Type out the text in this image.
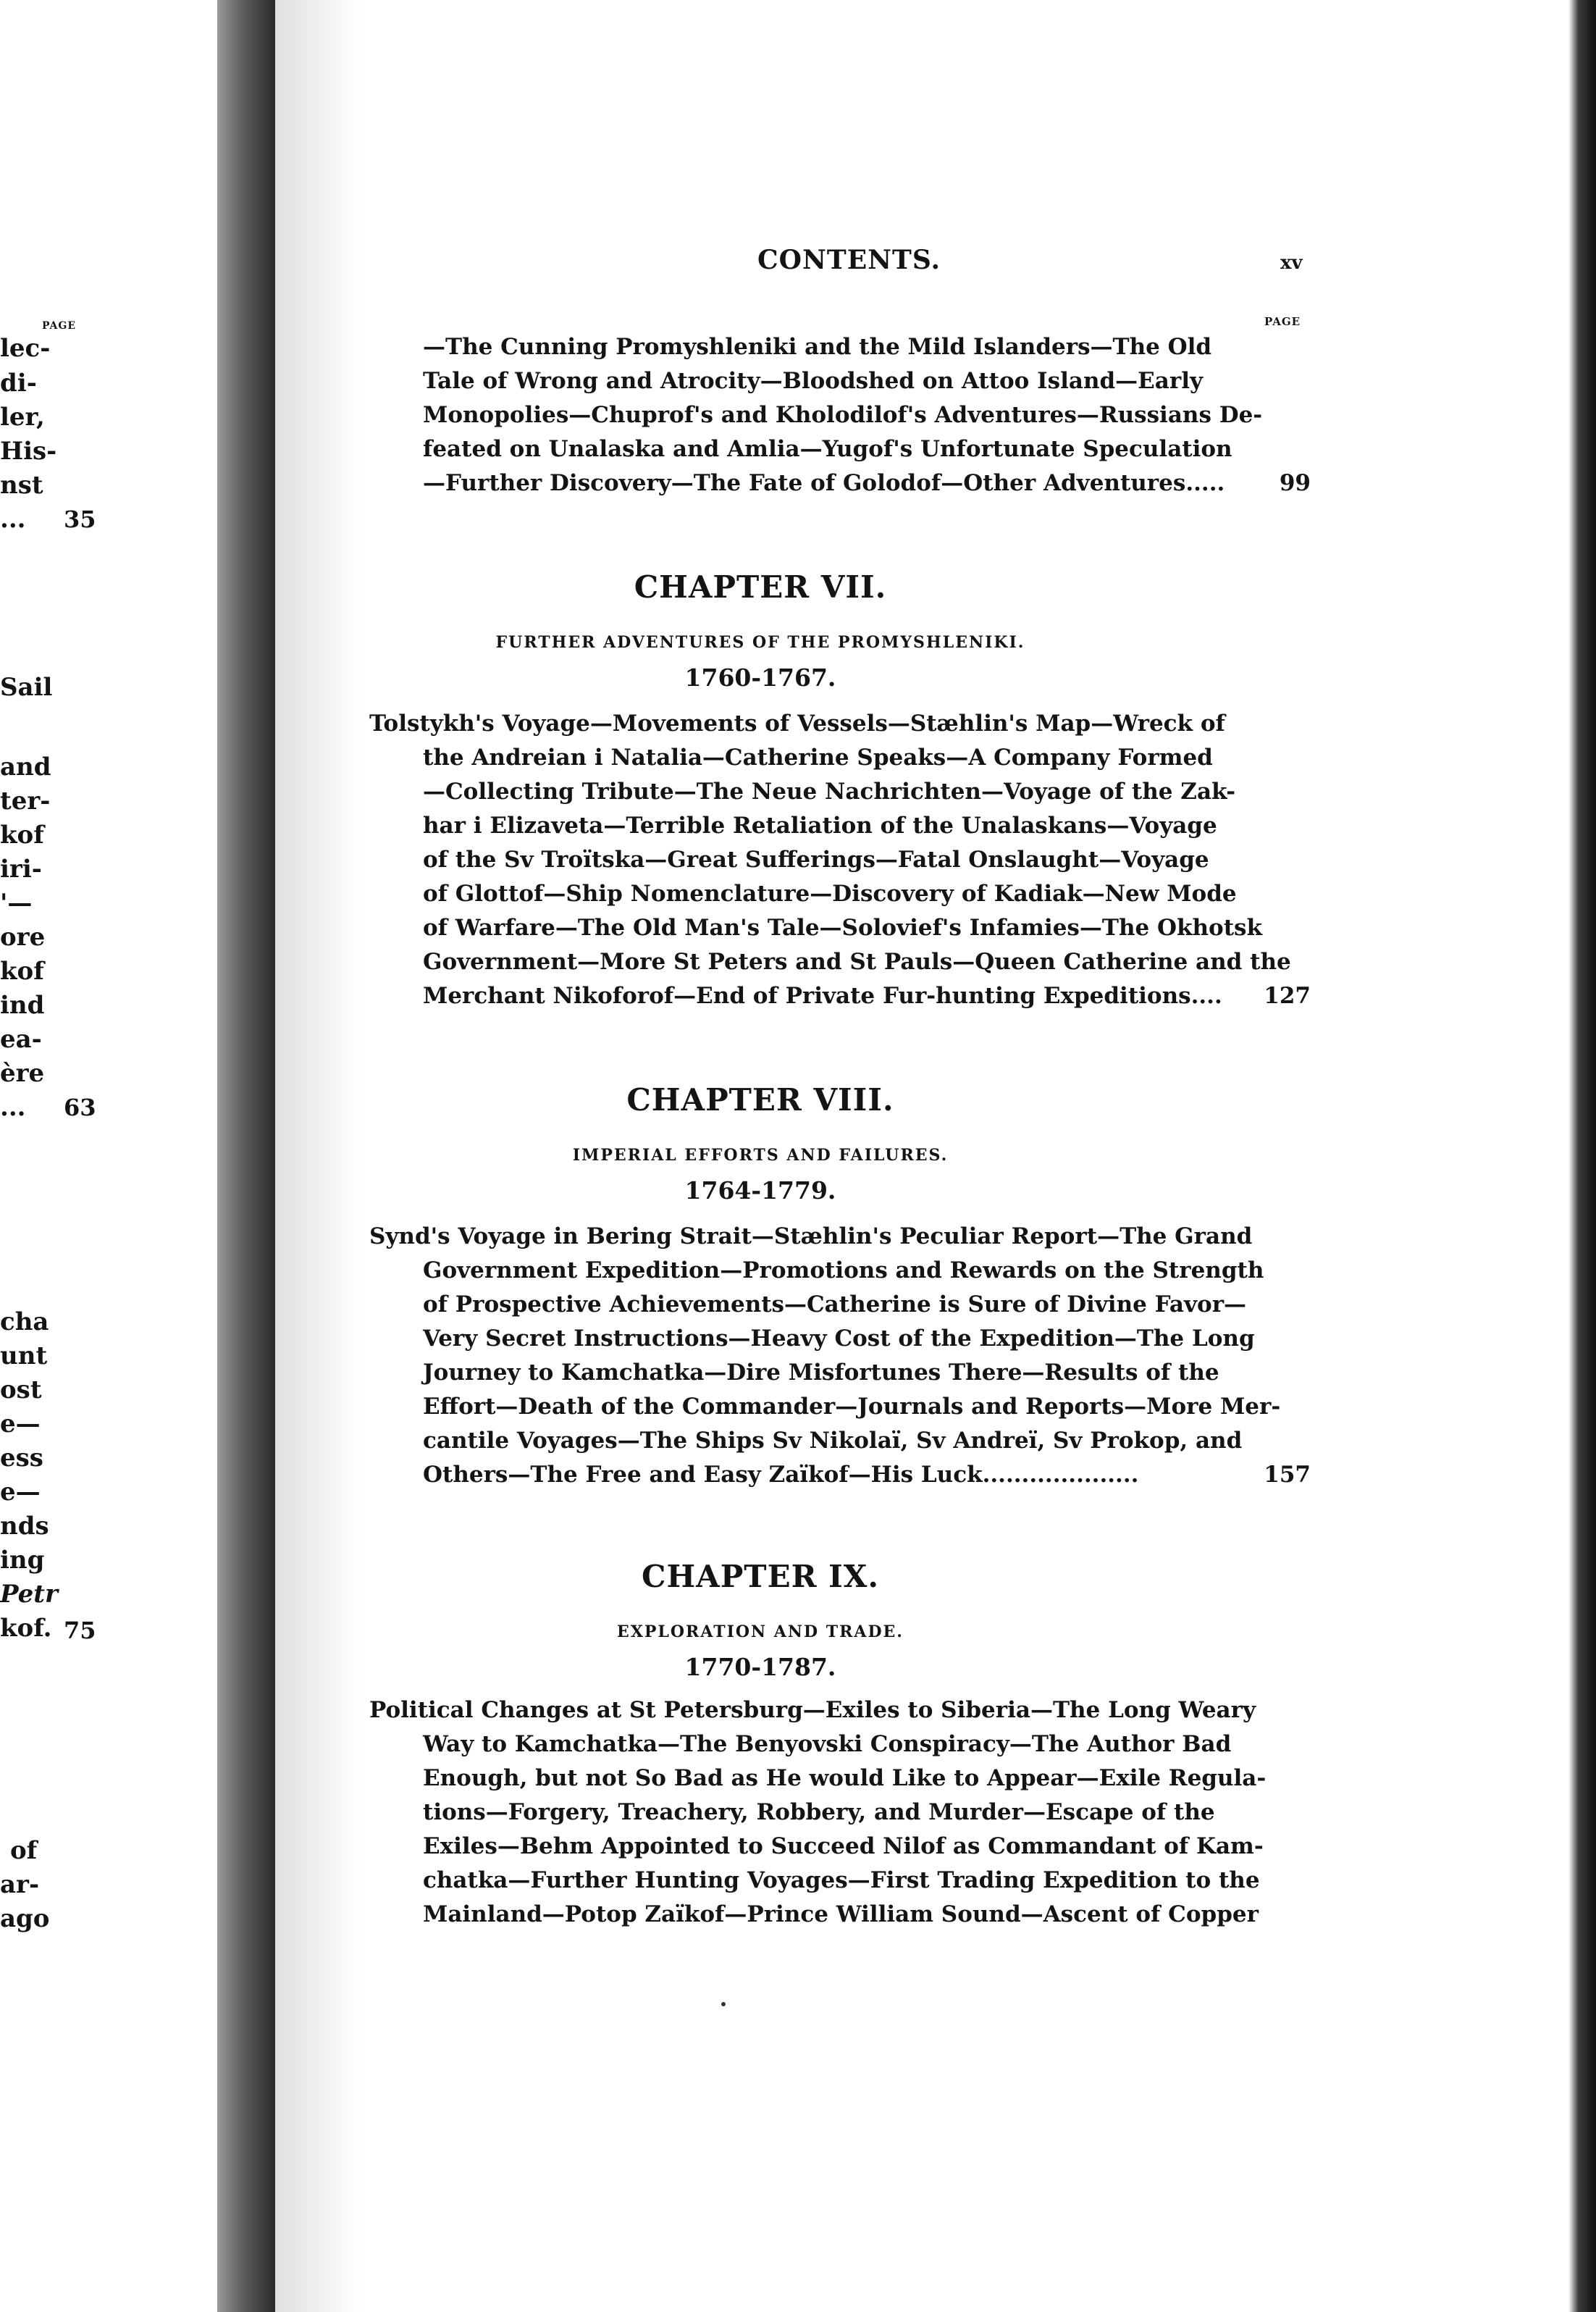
PAGE
lec-
di-
ler,
His-
nst
... 35
Sail
and
ter-
kof
iri-
'—
ore
kof
ind
ea-
ère
... 63
cha
unt
ost
e—
ess
e—
nds
ing
Petr
kof. 75
of
ar-
ago
CONTENTS.	xv
PAGE
—The Cunning Promyshleniki and the Mild Islanders—The Old
Tale of Wrong and Atrocity—Bloodshed on Attoo Island—Early
Monopolies—Chuprof's and Kholodilof's Adventures—Russians De-
feated on Unalaska and Amlia—Yugof's Unfortunate Speculation
—Further Discovery—The Fate of Golodof—Other Adventures..... 99
CHAPTER VII.
FURTHER ADVENTURES OF THE PROMYSHLENIKI.
1760-1767.
Tolstykh's Voyage—Movements of Vessels—Stæhlin's Map—Wreck of
the Andreian i Natalia—Catherine Speaks—A Company Formed
—Collecting Tribute—The Neue Nachrichten—Voyage of the Zak-
har i Elizaveta—Terrible Retaliation of the Unalaskans—Voyage
of the Sv Troïtska—Great Sufferings—Fatal Onslaught—Voyage
of Glottof—Ship Nomenclature—Discovery of Kadiak—New Mode
of Warfare—The Old Man's Tale—Solovief's Infamies—The Okhotsk
Government—More St Peters and St Pauls—Queen Catherine and the
Merchant Nikoforof—End of Private Fur-hunting Expeditions.... 127
CHAPTER VIII.
IMPERIAL EFFORTS AND FAILURES.
1764-1779.
Synd's Voyage in Bering Strait—Stæhlin's Peculiar Report—The Grand
Government Expedition—Promotions and Rewards on the Strength
of Prospective Achievements—Catherine is Sure of Divine Favor—
Very Secret Instructions—Heavy Cost of the Expedition—The Long
Journey to Kamchatka—Dire Misfortunes There—Results of the
Effort—Death of the Commander—Journals and Reports—More Mer-
cantile Voyages—The Ships Sv Nikolaï, Sv Andreï, Sv Prokop, and
Others—The Free and Easy Zaïkof—His Luck....................	157
CHAPTER IX.
EXPLORATION AND TRADE.
1770-1787.
Political Changes at St Petersburg—Exiles to Siberia—The Long Weary
Way to Kamchatka—The Benyovski Conspiracy—The Author Bad
Enough, but not So Bad as He would Like to Appear—Exile Regula-
tions—Forgery, Treachery, Robbery, and Murder—Escape of the
Exiles—Behm Appointed to Succeed Nilof as Commandant of Kam-
chatka—Further Hunting Voyages—First Trading Expedition to the
Mainland—Potop Zaïkof—Prince William Sound—Ascent of Copper
